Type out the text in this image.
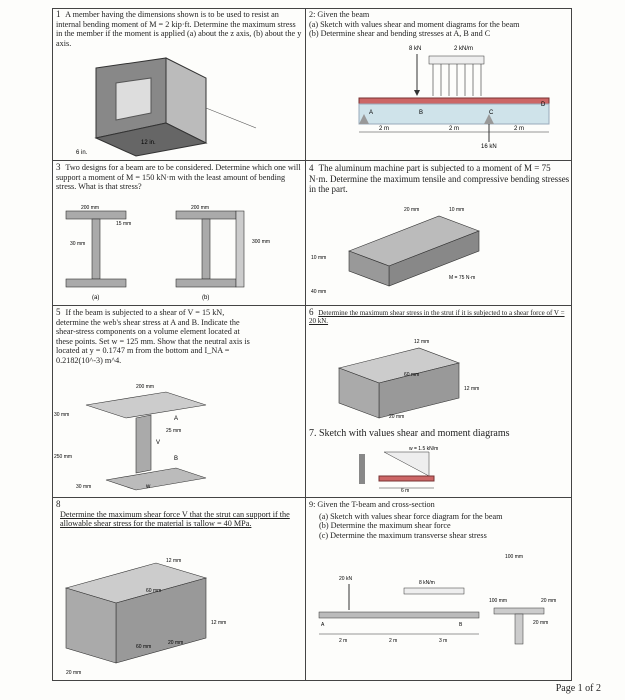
1 A member having the dimensions shown is to be used to resist an internal bending moment of M = 2 kip·ft. Determine the maximum stress in the member if the moment is applied (a) about the z axis, (b) about the y axis.
12 in.
6 in.
2: Given the beam
(a) Sketch with values shear and moment diagrams for the beam
(b) Determine shear and bending stresses at A, B and C
8 kN	2 kN/m
A	B	C
D
2 m	2 m	2 m
16 kN
3 Two designs for a beam are to be considered. Determine which one will support a moment of M = 150 kN·m with the least amount of bending stress. What is that stress?
200 mm
15 mm
30 mm
200 mm
300 mm
(a)	(b)
4 The aluminum machine part is subjected to a moment of M = 75 N·m. Determine the maximum tensile and compressive bending stresses in the part.
20 mm	10 mm
10 mm
40 mm
M = 75 N·m
5 If the beam is subjected to a shear of V = 15 kN, determine the web's shear stress at A and B. Indicate the shear-stress components on a volume element located at these points. Set w = 125 mm. Show that the neutral axis is located at y = 0.1747 m from the bottom and I_NA = 0.2182(10^-3) m^4.
200 mm
30 mm
25 mm
250 mm
30 mm
A
B
V
w
6 Determine the maximum shear stress in the strut if it is subjected to a shear force of V = 20 kN.
12 mm
60 mm
12 mm
20 mm
7. Sketch with values shear and moment diagrams
w = 1.5 kN/m
6 m
8
Determine the maximum shear force V that the strut can support if the allowable shear stress for the material is τallow = 40 MPa.
12 mm
60 mm
12 mm
20 mm
20 mm
60 mm
9: Given the T-beam and cross-section
(a) Sketch with values shear force diagram for the beam
(b) Determine the maximum shear force
(c) Determine the maximum transverse shear stress
20 kN
8 kN/m
A	B
2 m	2 m	3 m
100 mm
100 mm	20 mm
20 mm
Page 1 of 2
